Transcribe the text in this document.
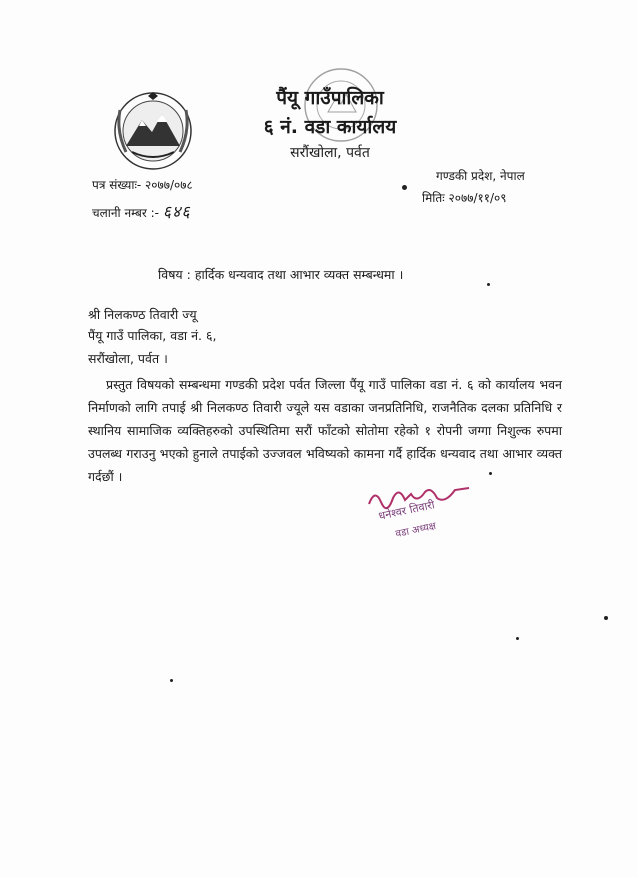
पैंयू गाउँपालिका
६ नं. वडा कार्यालय
सरौंखोला, पर्वत
पत्र संख्याः- २०७७/०७८
चलानी नम्बर :- ६४६
गण्डकी प्रदेश, नेपाल
मितिः २०७७/११/०९
विषय : हार्दिक धन्यवाद तथा आभार व्यक्त सम्बन्धमा ।
श्री निलकण्ठ तिवारी ज्यू
पैंयू गाउँ पालिका, वडा नं. ६,
सरौंखोला, पर्वत ।

प्रस्तुत विषयको सम्बन्धमा गण्डकी प्रदेश पर्वत जिल्ला पैंयू गाउँ पालिका वडा नं. ६ को कार्यालय भवन निर्माणको लागि तपाई श्री निलकण्ठ तिवारी ज्यूले यस वडाका जनप्रतिनिधि, राजनैतिक दलका प्रतिनिधि र स्थानिय सामाजिक व्यक्तिहरुको उपस्थितिमा सरौं फाँटको सोतोमा रहेको १ रोपनी जग्गा निशुल्क रुपमा उपलब्ध गराउनु भएको हुनाले तपाईको उज्जवल भविष्यको कामना गर्दै हार्दिक धन्यवाद तथा आभार व्यक्त गर्दछौं ।

धनेश्वर तिवारी
वडा अध्यक्ष
